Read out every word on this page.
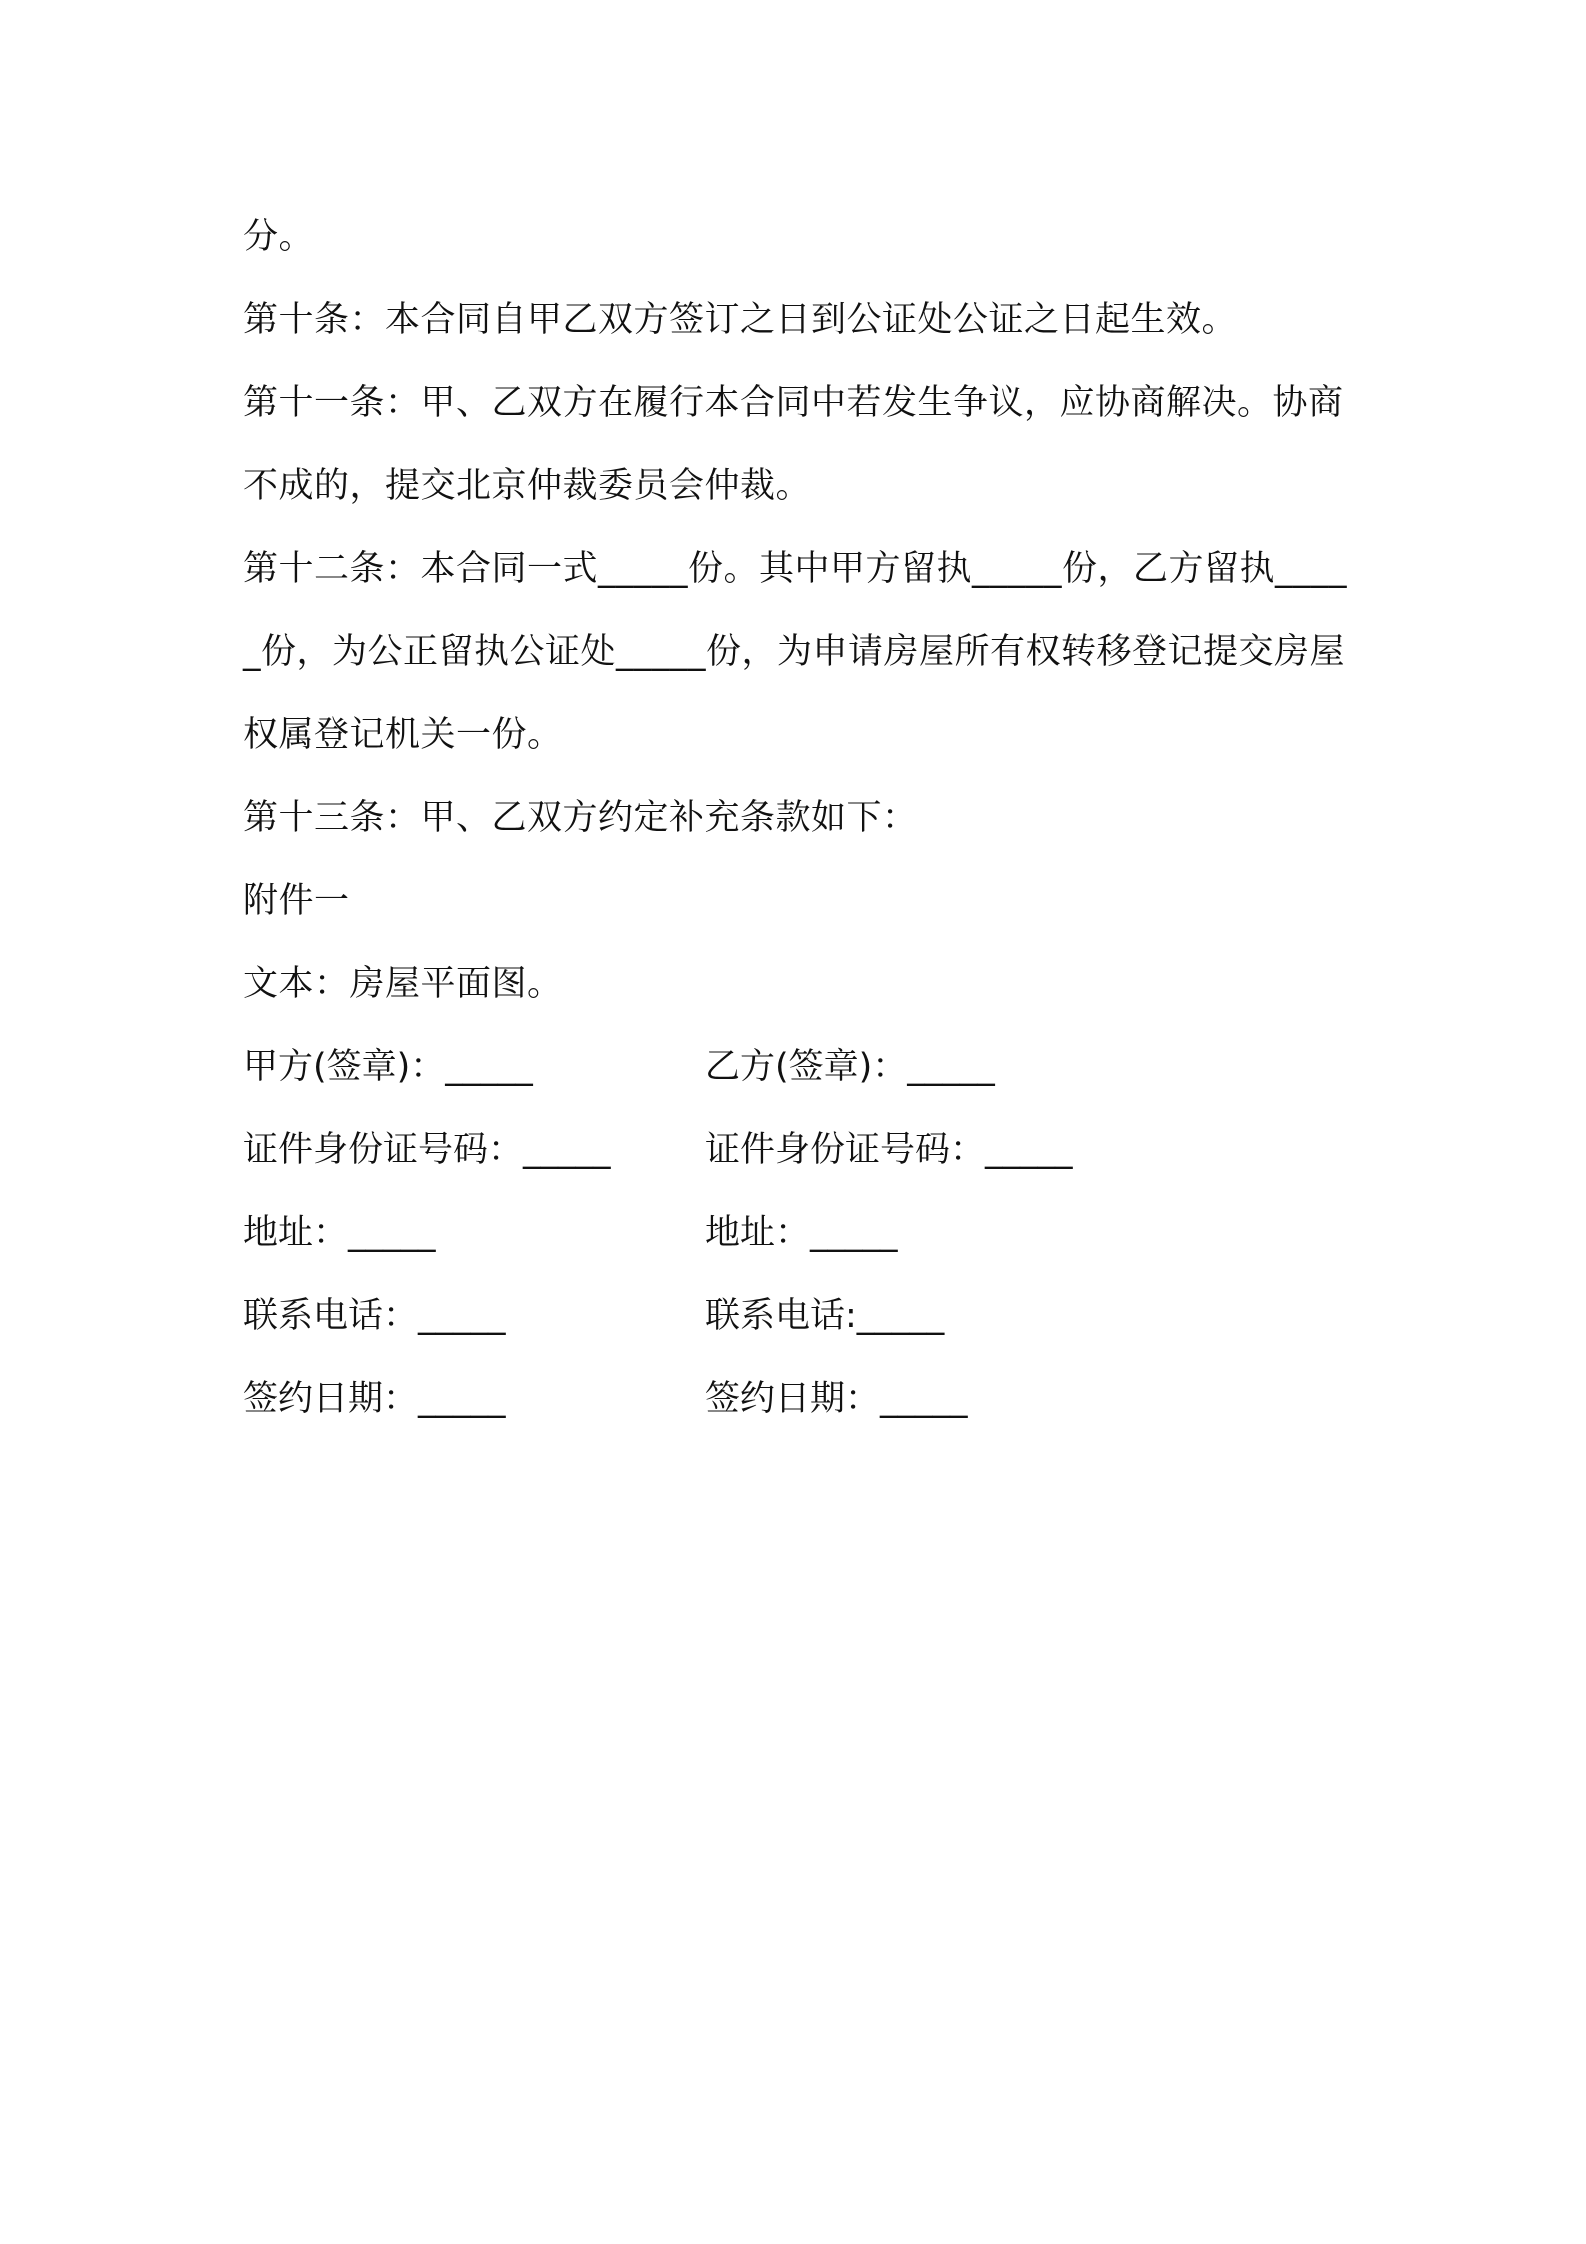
分。

第十条：本合同自甲乙双方签订之日到公证处公证之日起生效。

第十一条：甲、乙双方在履行本合同中若发生争议，应协商解决。协商不成的，提交北京仲裁委员会仲裁。

第十二条：本合同一式_____份。其中甲方留执_____份，乙方留执_____份，为公正留执公证处_____份，为申请房屋所有权转移登记提交房屋权属登记机关一份。

第十三条：甲、乙双方约定补充条款如下：

附件一

文本：房屋平面图。

甲方(签章)：_____	乙方(签章)：_____
证件身份证号码：_____	证件身份证号码：_____
地址：_____	地址：_____
联系电话：_____	联系电话:_____
签约日期：_____	签约日期：_____
